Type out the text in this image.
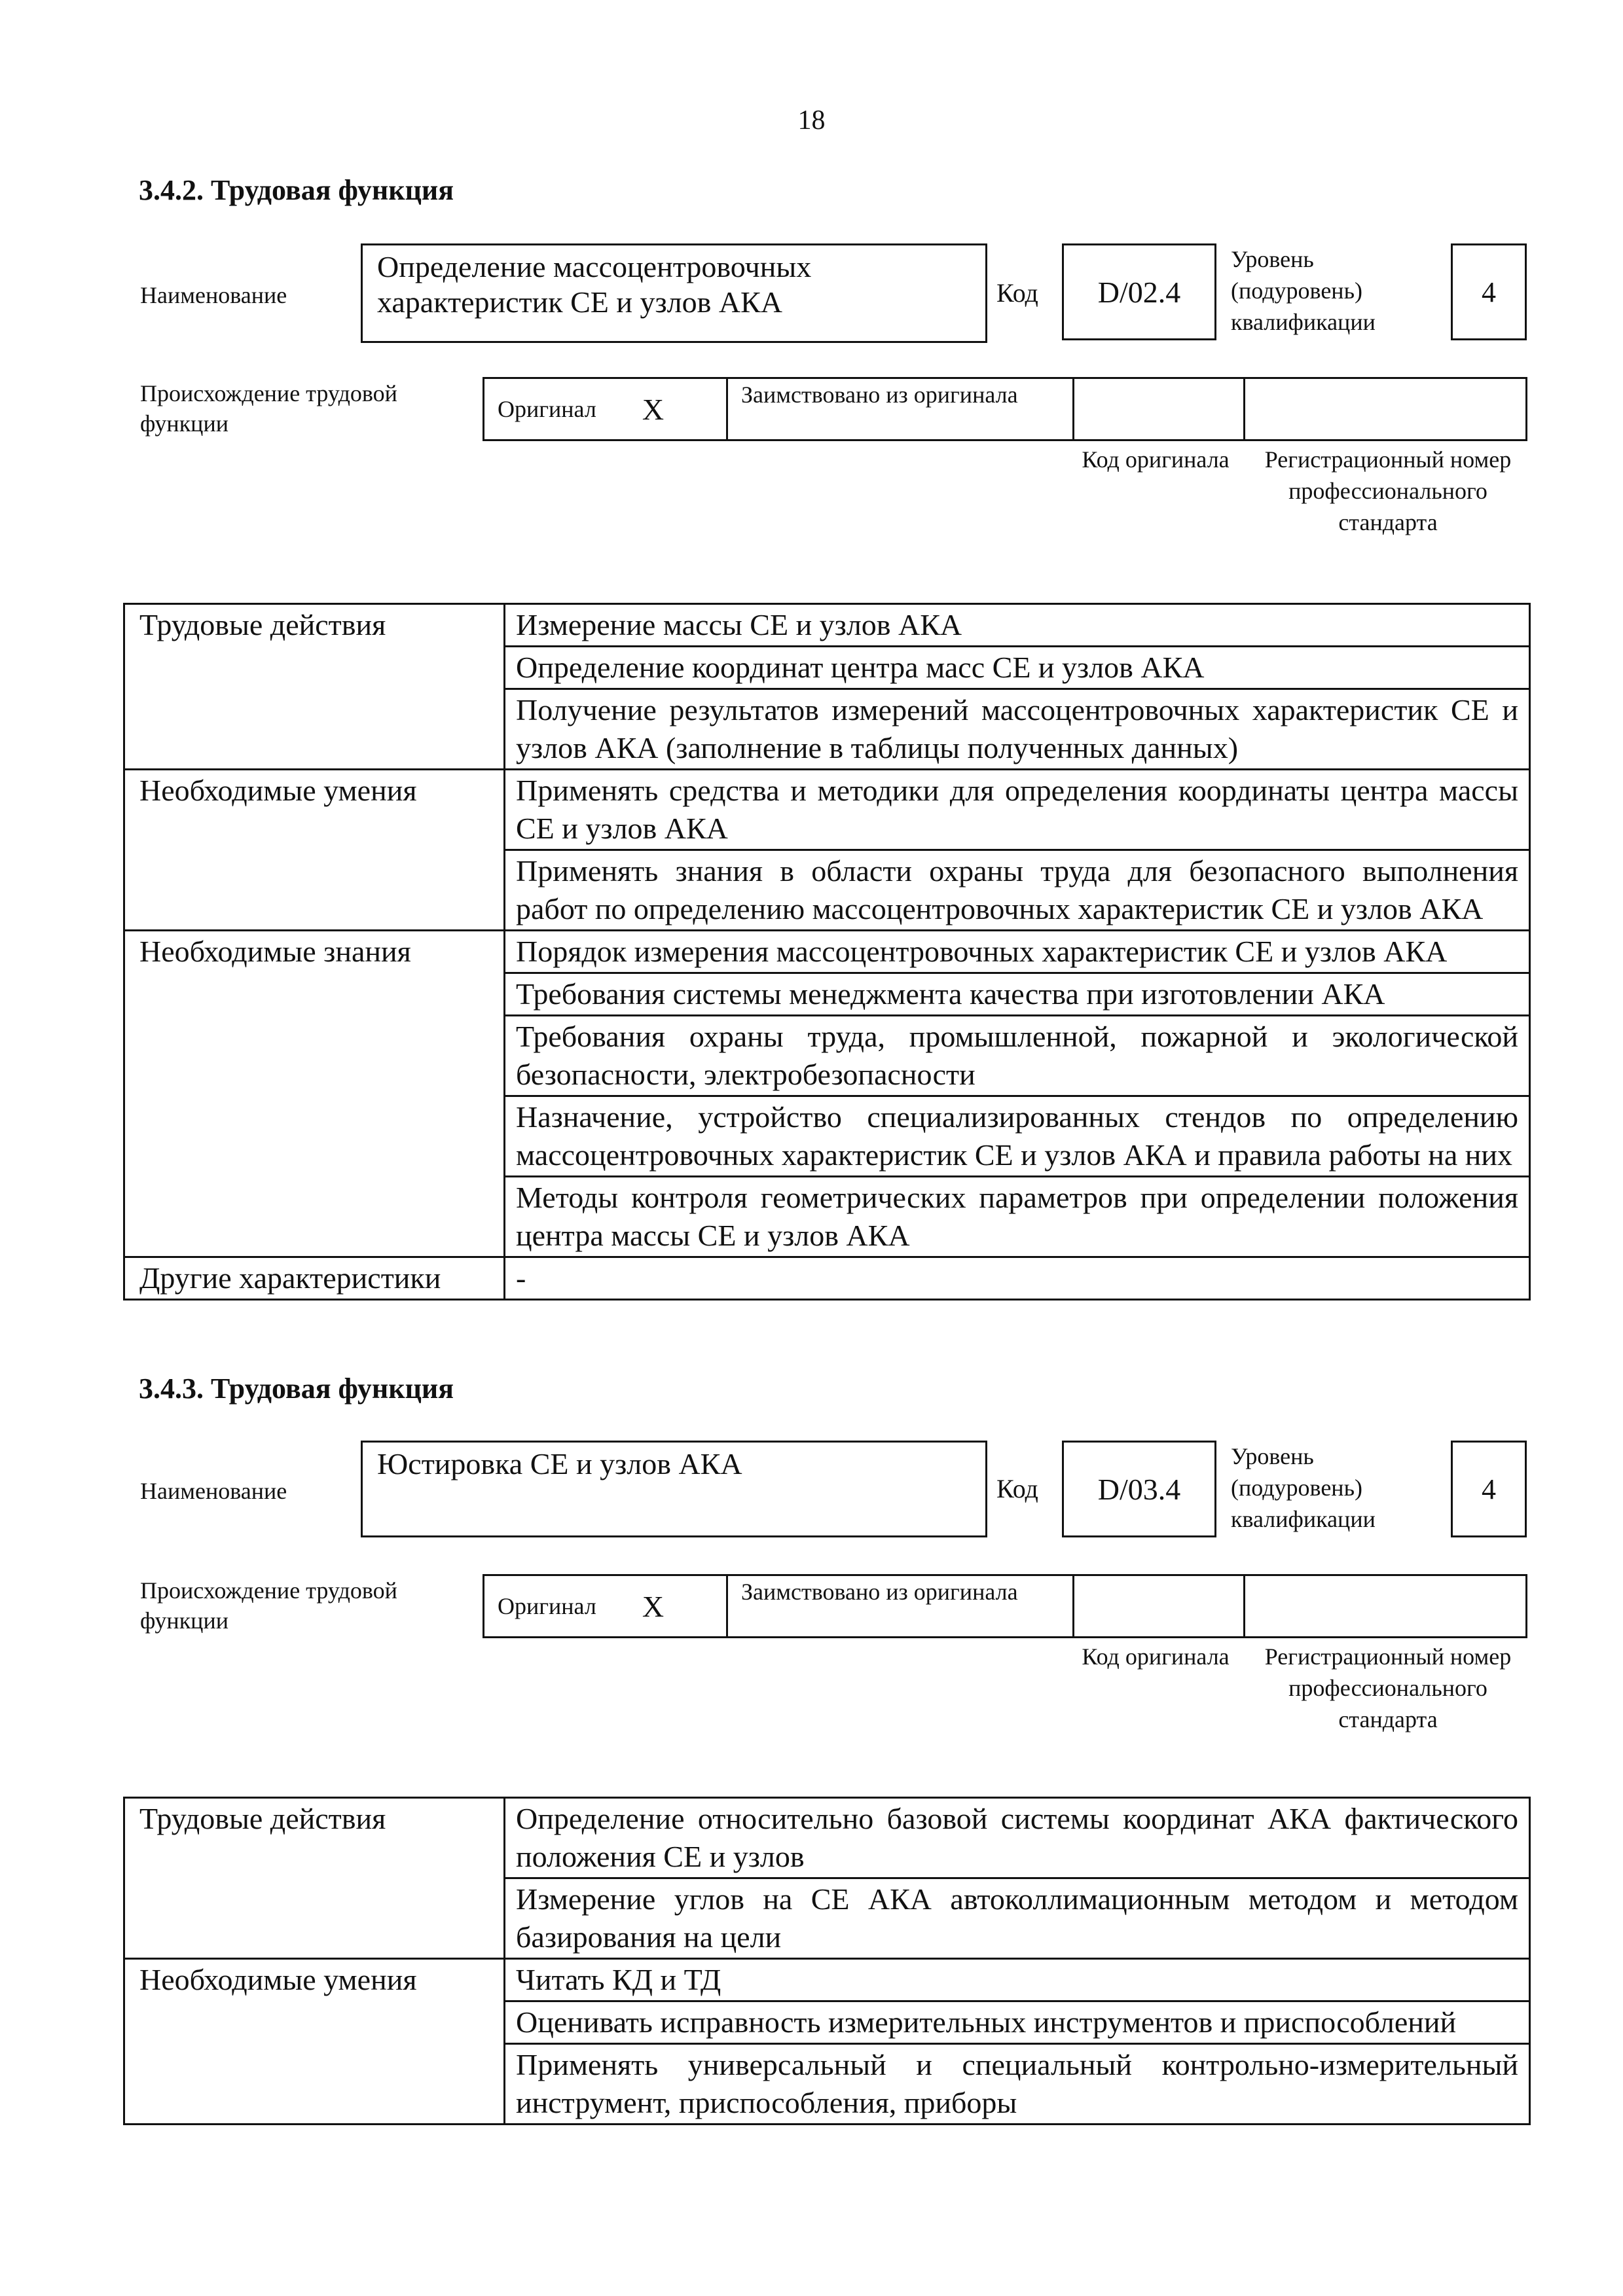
18
3.4.2. Трудовая функция
Наименование
Определение массоцентровочных характеристик СЕ и узлов АКА	Код	D/02.4
Уровень (подуровень) квалификации
4
Происхождение трудовой функции
Оригинал X	Заимствовано из оригинала
Код оригинала	Регистрационный номер профессионального стандарта
Трудовые действия	Измерение массы СЕ и узлов АКА
	Определение координат центра масс СЕ и узлов АКА
	Получение результатов измерений массоцентровочных характеристик СЕ и узлов АКА (заполнение в таблицы полученных данных)
Необходимые умения	Применять средства и методики для определения координаты центра массы СЕ и узлов АКА
	Применять знания в области охраны труда для безопасного выполнения работ по определению массоцентровочных характеристик СЕ и узлов АКА
Необходимые знания	Порядок измерения массоцентровочных характеристик СЕ и узлов АКА
	Требования системы менеджмента качества при изготовлении АКА
	Требования охраны труда, промышленной, пожарной и экологической безопасности, электробезопасности
	Назначение, устройство специализированных стендов по определению массоцентровочных характеристик СЕ и узлов АКА и правила работы на них
	Методы контроля геометрических параметров при определении положения центра массы СЕ и узлов АКА
Другие характеристики	-
3.4.3. Трудовая функция
Наименование
Юстировка СЕ и узлов АКА
Код	D/03.4
Уровень (подуровень) квалификации
4
Происхождение трудовой функции
Оригинал X	Заимствовано из оригинала
Код оригинала	Регистрационный номер профессионального стандарта
Трудовые действия	Определение относительно базовой системы координат АКА фактического положения СЕ и узлов
	Измерение углов на СЕ АКА автоколлимационным методом и методом базирования на цели
Необходимые умения	Читать КД и ТД
	Оценивать исправность измерительных инструментов и приспособлений
	Применять универсальный и специальный контрольно-измерительный инструмент, приспособления, приборы
